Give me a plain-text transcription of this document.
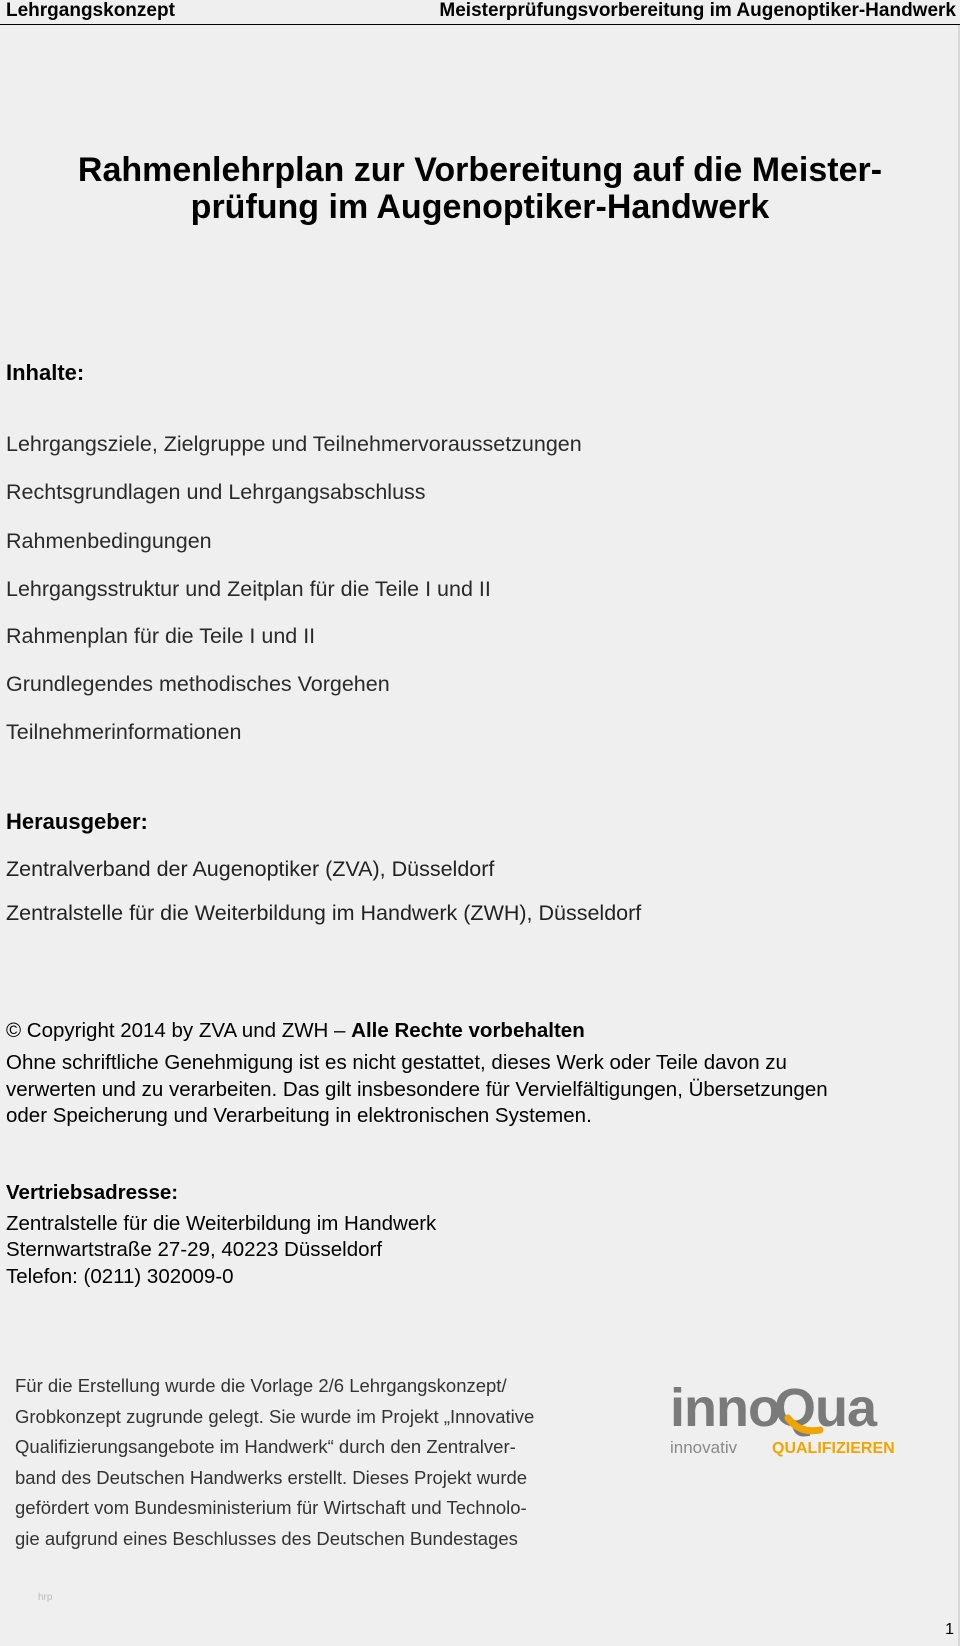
Lehrgangskonzept	Meisterprüfungsvorbereitung im Augenoptiker-Handwerk
Rahmenlehrplan zur Vorbereitung auf die Meister-
prüfung im Augenoptiker-Handwerk
Inhalte:
Lehrgangsziele, Zielgruppe und Teilnehmervoraussetzungen
Rechtsgrundlagen und Lehrgangsabschluss
Rahmenbedingungen
Lehrgangsstruktur und Zeitplan für die Teile I und II
Rahmenplan für die Teile I und II
Grundlegendes methodisches Vorgehen
Teilnehmerinformationen
Herausgeber:
Zentralverband der Augenoptiker (ZVA), Düsseldorf
Zentralstelle für die Weiterbildung im Handwerk (ZWH), Düsseldorf
© Copyright 2014 by ZVA und ZWH – Alle Rechte vorbehalten
Ohne schriftliche Genehmigung ist es nicht gestattet, dieses Werk oder Teile davon zu
verwerten und zu verarbeiten. Das gilt insbesondere für Vervielfältigungen, Übersetzungen
oder Speicherung und Verarbeitung in elektronischen Systemen.
Vertriebsadresse:
Zentralstelle für die Weiterbildung im Handwerk
Sternwartstraße 27-29, 40223 Düsseldorf
Telefon: (0211) 302009-0
Für die Erstellung wurde die Vorlage 2/6 Lehrgangskonzept/
Grobkonzept zugrunde gelegt. Sie wurde im Projekt „Innovative
Qualifizierungsangebote im Handwerk“ durch den Zentralver-
band des Deutschen Handwerks erstellt. Dieses Projekt wurde
gefördert vom Bundesministerium für Wirtschaft und Technolo-
gie aufgrund eines Beschlusses des Deutschen Bundestages
inno
Qua
innovativ QUALIFIZIEREN
hrp
1
